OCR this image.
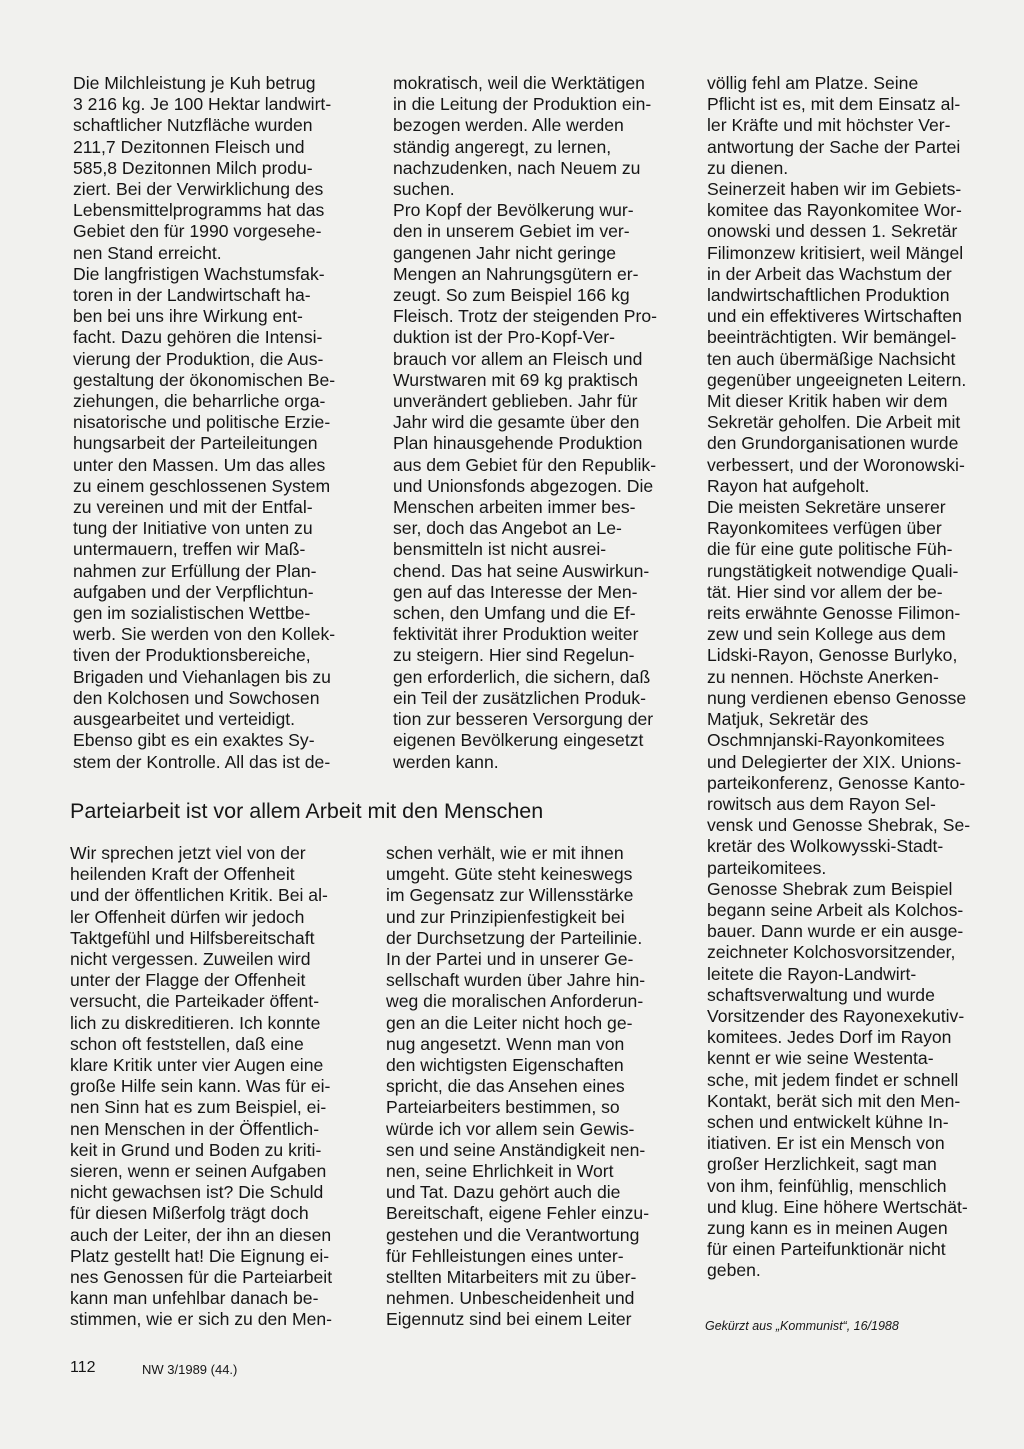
Die Milchleistung je Kuh betrug
3 216 kg. Je 100 Hektar landwirt-
schaftlicher Nutzfläche wurden
211,7 Dezitonnen Fleisch und
585,8 Dezitonnen Milch produ-
ziert. Bei der Verwirklichung des
Lebensmittelprogramms hat das
Gebiet den für 1990 vorgesehe-
nen Stand erreicht.

Die langfristigen Wachstumsfak-
toren in der Landwirtschaft ha-
ben bei uns ihre Wirkung ent-
facht. Dazu gehören die Intensi-
vierung der Produktion, die Aus-
gestaltung der ökonomischen Be-
ziehungen, die beharrliche orga-
nisatorische und politische Erzie-
hungsarbeit der Parteileitungen
unter den Massen. Um das alles
zu einem geschlossenen System
zu vereinen und mit der Entfal-
tung der Initiative von unten zu
untermauern, treffen wir Maß-
nahmen zur Erfüllung der Plan-
aufgaben und der Verpflichtun-
gen im sozialistischen Wettbe-
werb. Sie werden von den Kollek-
tiven der Produktionsbereiche,
Brigaden und Viehanlagen bis zu
den Kolchosen und Sowchosen
ausgearbeitet und verteidigt.
Ebenso gibt es ein exaktes Sy-
stem der Kontrolle. All das ist de-

mokratisch, weil die Werktätigen
in die Leitung der Produktion ein-
bezogen werden. Alle werden
ständig angeregt, zu lernen,
nachzudenken, nach Neuem zu
suchen.

Pro Kopf der Bevölkerung wur-
den in unserem Gebiet im ver-
gangenen Jahr nicht geringe
Mengen an Nahrungsgütern er-
zeugt. So zum Beispiel 166 kg
Fleisch. Trotz der steigenden Pro-
duktion ist der Pro-Kopf-Ver-
brauch vor allem an Fleisch und
Wurstwaren mit 69 kg praktisch
unverändert geblieben. Jahr für
Jahr wird die gesamte über den
Plan hinausgehende Produktion
aus dem Gebiet für den Republik-
und Unionsfonds abgezogen. Die
Menschen arbeiten immer bes-
ser, doch das Angebot an Le-
bensmitteln ist nicht ausrei-
chend. Das hat seine Auswirkun-
gen auf das Interesse der Men-
schen, den Umfang und die Ef-
fektivität ihrer Produktion weiter
zu steigern. Hier sind Regelun-
gen erforderlich, die sichern, daß
ein Teil der zusätzlichen Produk-
tion zur besseren Versorgung der
eigenen Bevölkerung eingesetzt
werden kann.

Parteiarbeit ist vor allem Arbeit mit den Menschen

Wir sprechen jetzt viel von der
heilenden Kraft der Offenheit
und der öffentlichen Kritik. Bei al-
ler Offenheit dürfen wir jedoch
Taktgefühl und Hilfsbereitschaft
nicht vergessen. Zuweilen wird
unter der Flagge der Offenheit
versucht, die Parteikader öffent-
lich zu diskreditieren. Ich konnte
schon oft feststellen, daß eine
klare Kritik unter vier Augen eine
große Hilfe sein kann. Was für ei-
nen Sinn hat es zum Beispiel, ei-
nen Menschen in der Öffentlich-
keit in Grund und Boden zu kriti-
sieren, wenn er seinen Aufgaben
nicht gewachsen ist? Die Schuld
für diesen Mißerfolg trägt doch
auch der Leiter, der ihn an diesen
Platz gestellt hat! Die Eignung ei-
nes Genossen für die Parteiarbeit
kann man unfehlbar danach be-
stimmen, wie er sich zu den Men-

schen verhält, wie er mit ihnen
umgeht. Güte steht keineswegs
im Gegensatz zur Willensstärke
und zur Prinzipienfestigkeit bei
der Durchsetzung der Parteilinie.
In der Partei und in unserer Ge-
sellschaft wurden über Jahre hin-
weg die moralischen Anforderun-
gen an die Leiter nicht hoch ge-
nug angesetzt. Wenn man von
den wichtigsten Eigenschaften
spricht, die das Ansehen eines
Parteiarbeiters bestimmen, so
würde ich vor allem sein Gewis-
sen und seine Anständigkeit nen-
nen, seine Ehrlichkeit in Wort
und Tat. Dazu gehört auch die
Bereitschaft, eigene Fehler einzu-
gestehen und die Verantwortung
für Fehlleistungen eines unter-
stellten Mitarbeiters mit zu über-
nehmen. Unbescheidenheit und
Eigennutz sind bei einem Leiter

völlig fehl am Platze. Seine
Pflicht ist es, mit dem Einsatz al-
ler Kräfte und mit höchster Ver-
antwortung der Sache der Partei
zu dienen.

Seinerzeit haben wir im Gebiets-
komitee das Rayonkomitee Wor-
onowski und dessen 1. Sekretär
Filimonzew kritisiert, weil Mängel
in der Arbeit das Wachstum der
landwirtschaftlichen Produktion
und ein effektiveres Wirtschaften
beeinträchtigten. Wir bemängel-
ten auch übermäßige Nachsicht
gegenüber ungeeigneten Leitern.
Mit dieser Kritik haben wir dem
Sekretär geholfen. Die Arbeit mit
den Grundorganisationen wurde
verbessert, und der Woronowski-
Rayon hat aufgeholt.

Die meisten Sekretäre unserer
Rayonkomitees verfügen über
die für eine gute politische Füh-
rungstätigkeit notwendige Quali-
tät. Hier sind vor allem der be-
reits erwähnte Genosse Filimon-
zew und sein Kollege aus dem
Lidski-Rayon, Genosse Burlyko,
zu nennen. Höchste Anerken-
nung verdienen ebenso Genosse
Matjuk, Sekretär des
Oschmnjanski-Rayonkomitees
und Delegierter der XIX. Unions-
parteikonferenz, Genosse Kanto-
rowitsch aus dem Rayon Sel-
vensk und Genosse Shebrak, Se-
kretär des Wolkowysski-Stadt-
parteikomitees.

Genosse Shebrak zum Beispiel
begann seine Arbeit als Kolchos-
bauer. Dann wurde er ein ausge-
zeichneter Kolchosvorsitzender,
leitete die Rayon-Landwirt-
schaftsverwaltung und wurde
Vorsitzender des Rayonexekutiv-
komitees. Jedes Dorf im Rayon
kennt er wie seine Westenta-
sche, mit jedem findet er schnell
Kontakt, berät sich mit den Men-
schen und entwickelt kühne In-
itiativen. Er ist ein Mensch von
großer Herzlichkeit, sagt man
von ihm, feinfühlig, menschlich
und klug. Eine höhere Wertschät-
zung kann es in meinen Augen
für einen Parteifunktionär nicht
geben.

Gekürzt aus „Kommunist“, 16/1988
112	NW 3/1989 (44.)
